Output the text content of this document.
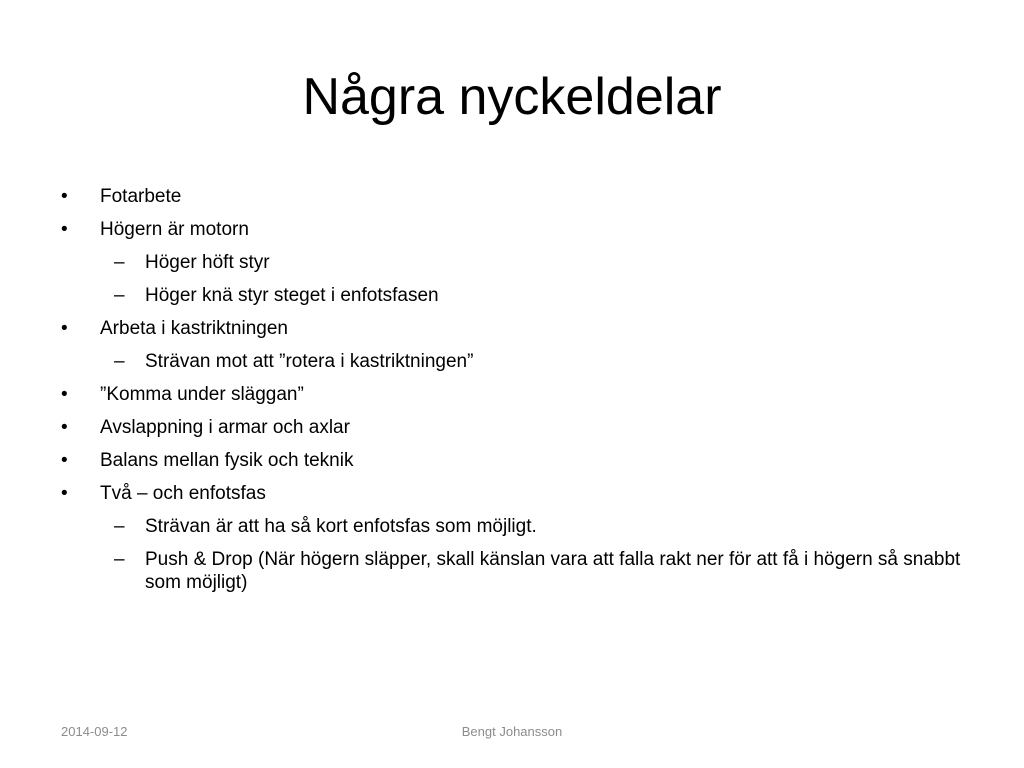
Några nyckeldelar
• Fotarbete
• Högern är motorn
– Höger höft styr
– Höger knä styr steget i enfotsfasen
• Arbeta i kastriktningen
– Strävan mot att ”rotera i kastriktningen”
• ”Komma under släggan”
• Avslappning i armar och axlar
• Balans mellan fysik och teknik
• Två – och enfotsfas
– Strävan är att ha så kort enfotsfas som möjligt.
– Push & Drop (När högern släpper, skall känslan vara att falla rakt ner för att få i högern så snabbt som möjligt)
2014-09-12	Bengt Johansson
